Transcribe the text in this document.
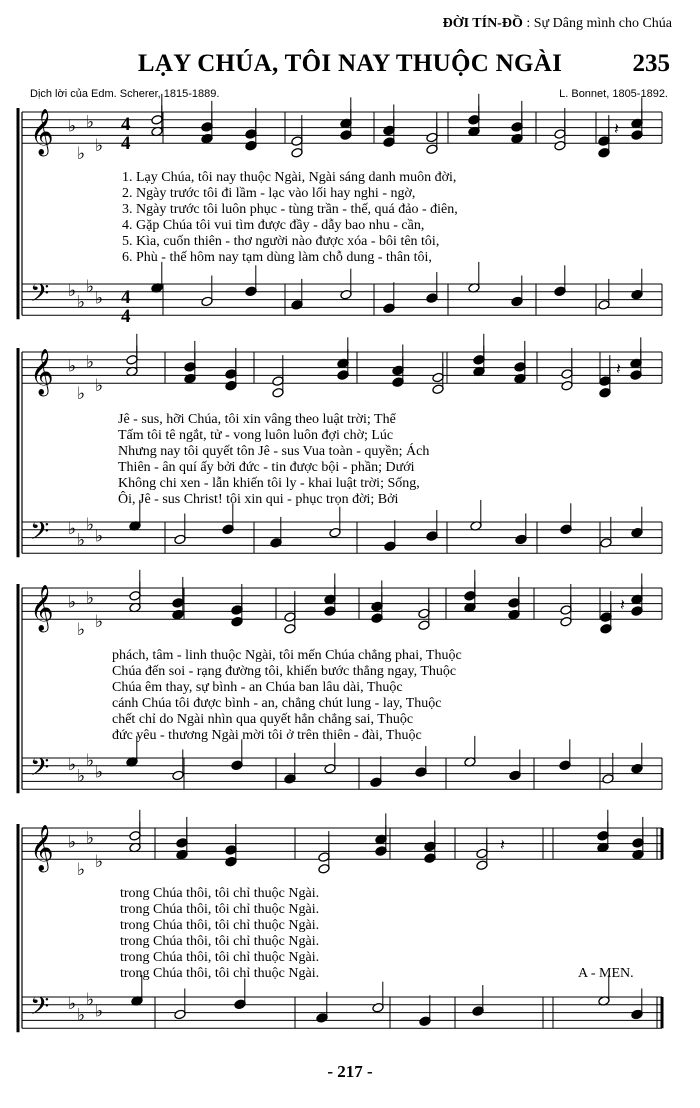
ĐỜI TÍN-ĐỒ : Sự Dâng mình cho Chúa
LẠY CHÚA, TÔI NAY THUỘC NGÀI	235
Dịch lời của Edm. Scherer, 1815-1889.	L. Bonnet, 1805-1892.
𝄞 ♭
♭
♭
♭
𝄢 ♭
♭
♭
♭
𝄞 ♭
♭
♭
♭
𝄢 ♭
♭
♭
♭
𝄞 ♭
♭
♭
♭
𝄢 ♭
♭
♭
♭
𝄞 ♭
♭
♭
♭
𝄢 ♭
♭
♭
♭
𝄽
𝄽
𝄽
𝄽
4
4
4
4
1. Lạy Chúa, tôi nay thuộc Ngài, Ngài sáng danh muôn đời,
2. Ngày trước tôi đi lầm - lạc vào lối hay nghi - ngờ,
3. Ngày trước tôi luôn phục - tùng trần - thế, quá đảo - điên,
4. Gặp Chúa tôi vui tìm được đầy - dẫy bao nhu - cần,
5. Kìa, cuốn thiên - thơ người nào được xóa - bôi tên tôi,
6. Phù - thế hôm nay tạm dùng làm chỗ dung - thân tôi,
Jê - sus, hỡi Chúa, tôi xin vâng theo luật trời; Thể
Tấm tôi tê ngắt, tử - vong luôn luôn đợi chờ; Lúc
Nhưng nay tôi quyết tôn Jê - sus Vua toàn - quyền; Ách
Thiên - ân quí ấy bởi đức - tin được bội - phần; Dưới
Không chi xen - lẫn khiến tôi ly - khai luật trời; Sống,
Ôi, Jê - sus Christ! tôi xin qui - phục trọn đời; Bởi
phách, tâm - linh thuộc Ngài, tôi mến Chúa chẳng phai, Thuộc
Chúa đến soi - rạng đường tôi, khiến bước thẳng ngay, Thuộc
Chúa êm thay, sự bình - an Chúa ban lâu dài, Thuộc
cánh Chúa tôi được bình - an, chẳng chút lung - lay, Thuộc
chết chỉ do Ngài nhìn qua quyết hẳn chẳng sai, Thuộc
đức yêu - thương Ngài mời tôi ở trên thiên - đài, Thuộc
trong Chúa thôi, tôi chỉ thuộc Ngài.
trong Chúa thôi, tôi chỉ thuộc Ngài.
trong Chúa thôi, tôi chỉ thuộc Ngài.
trong Chúa thôi, tôi chỉ thuộc Ngài.
trong Chúa thôi, tôi chỉ thuộc Ngài.
trong Chúa thôi, tôi chỉ thuộc Ngài.	A - MEN.
- 217 -
